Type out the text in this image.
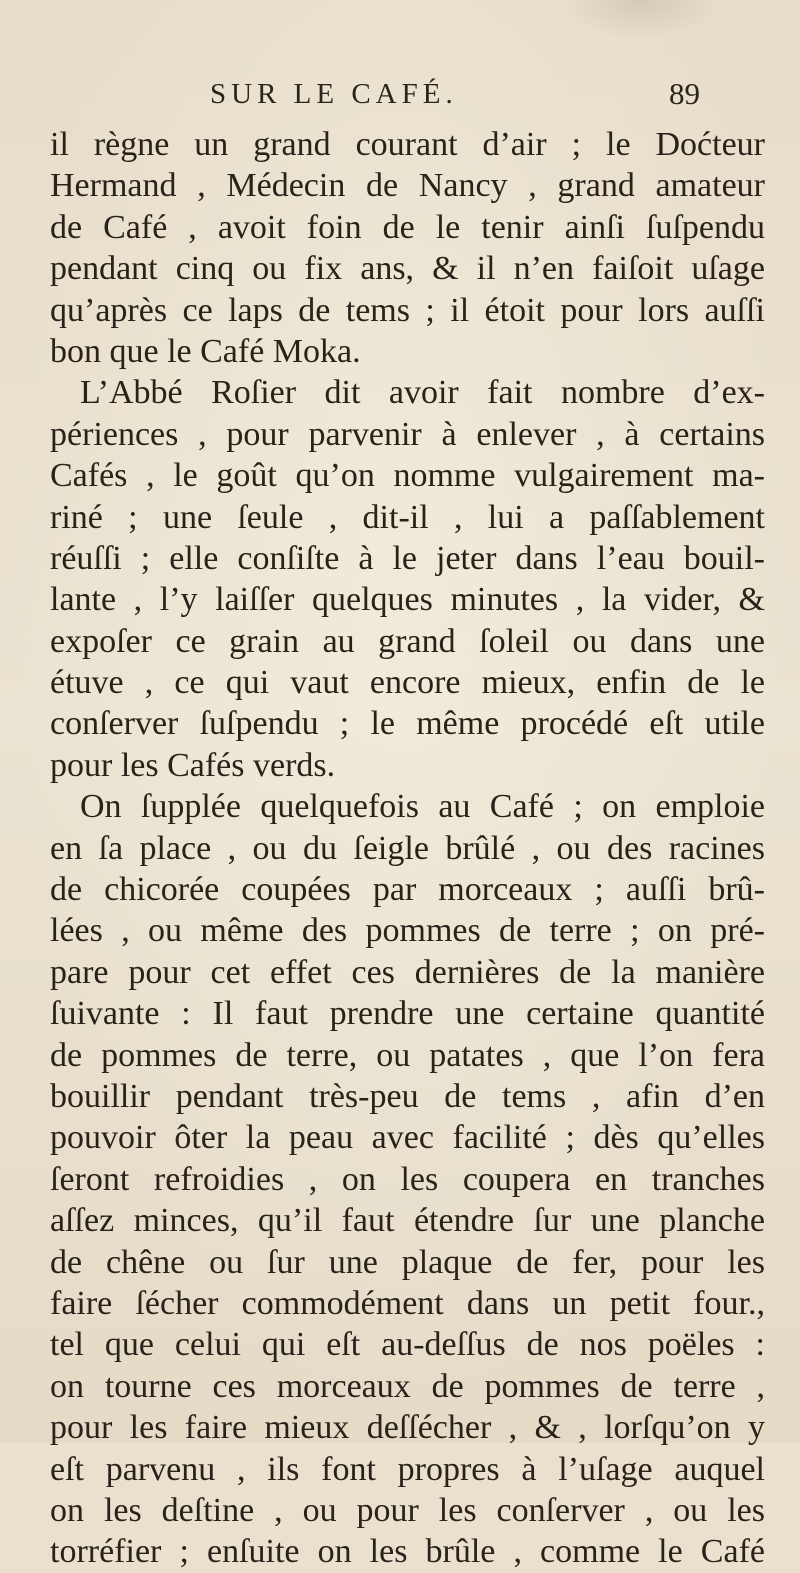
SUR LE CAFÉ.	89
il règne un grand courant d’air ; le Doćteur
Hermand , Médecin de Nancy , grand amateur
de Café , avoit foin de le tenir ainſi ſuſpendu
pendant cinq ou fix ans, & il n’en faiſoit uſage
qu’après ce laps de tems ; il étoit pour lors auſſi
bon que le Café Moka.
L’Abbé Roſier dit avoir fait nombre d’ex-
périences , pour parvenir à enlever , à certains
Cafés , le goût qu’on nomme vulgairement ma-
riné ; une ſeule , dit-il , lui a paſſablement
réuſſi ; elle conſiſte à le jeter dans l’eau bouil-
lante , l’y laiſſer quelques minutes , la vider, &
expoſer ce grain au grand ſoleil ou dans une
étuve , ce qui vaut encore mieux, enfin de le
conſerver ſuſpendu ; le même procédé eſt utile
pour les Cafés verds.
On ſupplée quelquefois au Café ; on emploie
en ſa place , ou du ſeigle brûlé , ou des racines
de chicorée coupées par morceaux ; auſſi brû-
lées , ou même des pommes de terre ; on pré-
pare pour cet effet ces dernières de la manière
ſuivante : Il faut prendre une certaine quantité
de pommes de terre, ou patates , que l’on fera
bouillir pendant très-peu de tems , afin d’en
pouvoir ôter la peau avec facilité ; dès qu’elles
ſeront refroidies , on les coupera en tranches
aſſez minces, qu’il faut étendre ſur une planche
de chêne ou ſur une plaque de fer, pour les
faire ſécher commodément dans un petit four.,
tel que celui qui eſt au-deſſus de nos poëles :
on tourne ces morceaux de pommes de terre ,
pour les faire mieux deſſécher , & , lorſqu’on y
eſt parvenu , ils font propres à l’uſage auquel
on les deſtine , ou pour les conſerver , ou les
torréfier ; enſuite on les brûle , comme le Café
